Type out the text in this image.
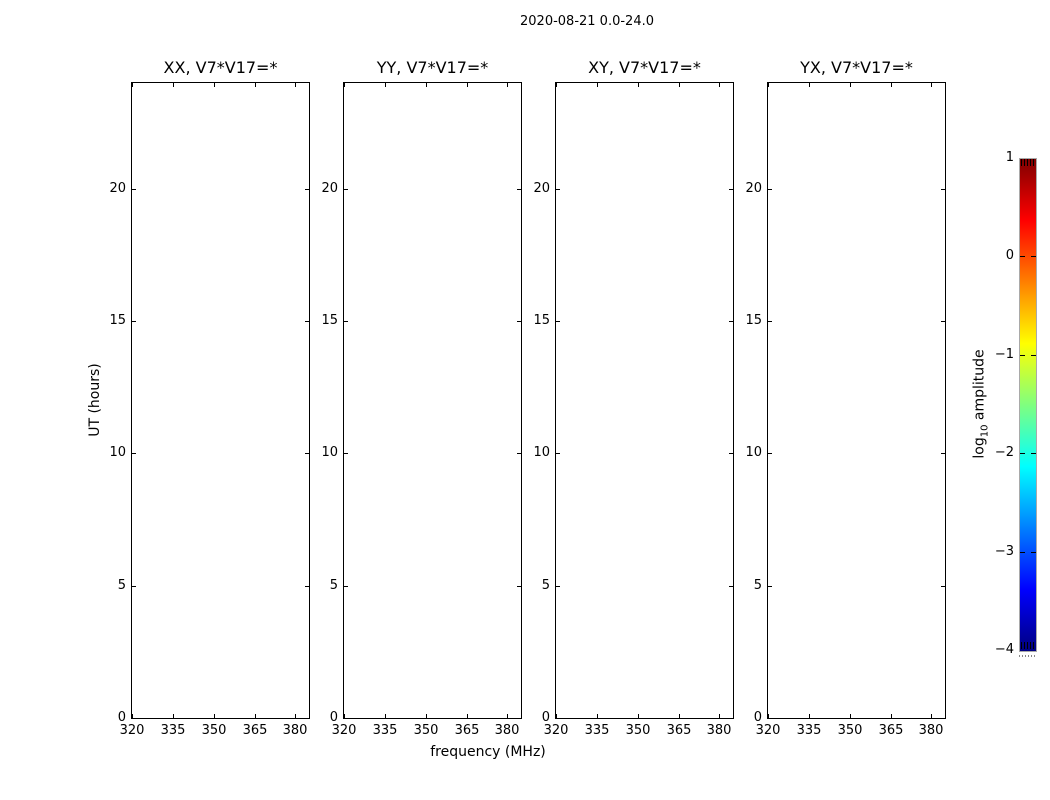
2020-08-21 0.0-24.0
frequency (MHz)
UT (hours)
$\log_{10}$ amplitude
XX, V7*V17=*
320	335	350	365	380
0
5
10
15
20
YY, V7*V17=*
320	335	350	365	380
0
5
10
15
20
XY, V7*V17=*
320	335	350	365	380
0
5
10
15
20
YX, V7*V17=*
320	335	350	365	380
0
5
10
15
20
1
0
−1
−2
−3
−4
